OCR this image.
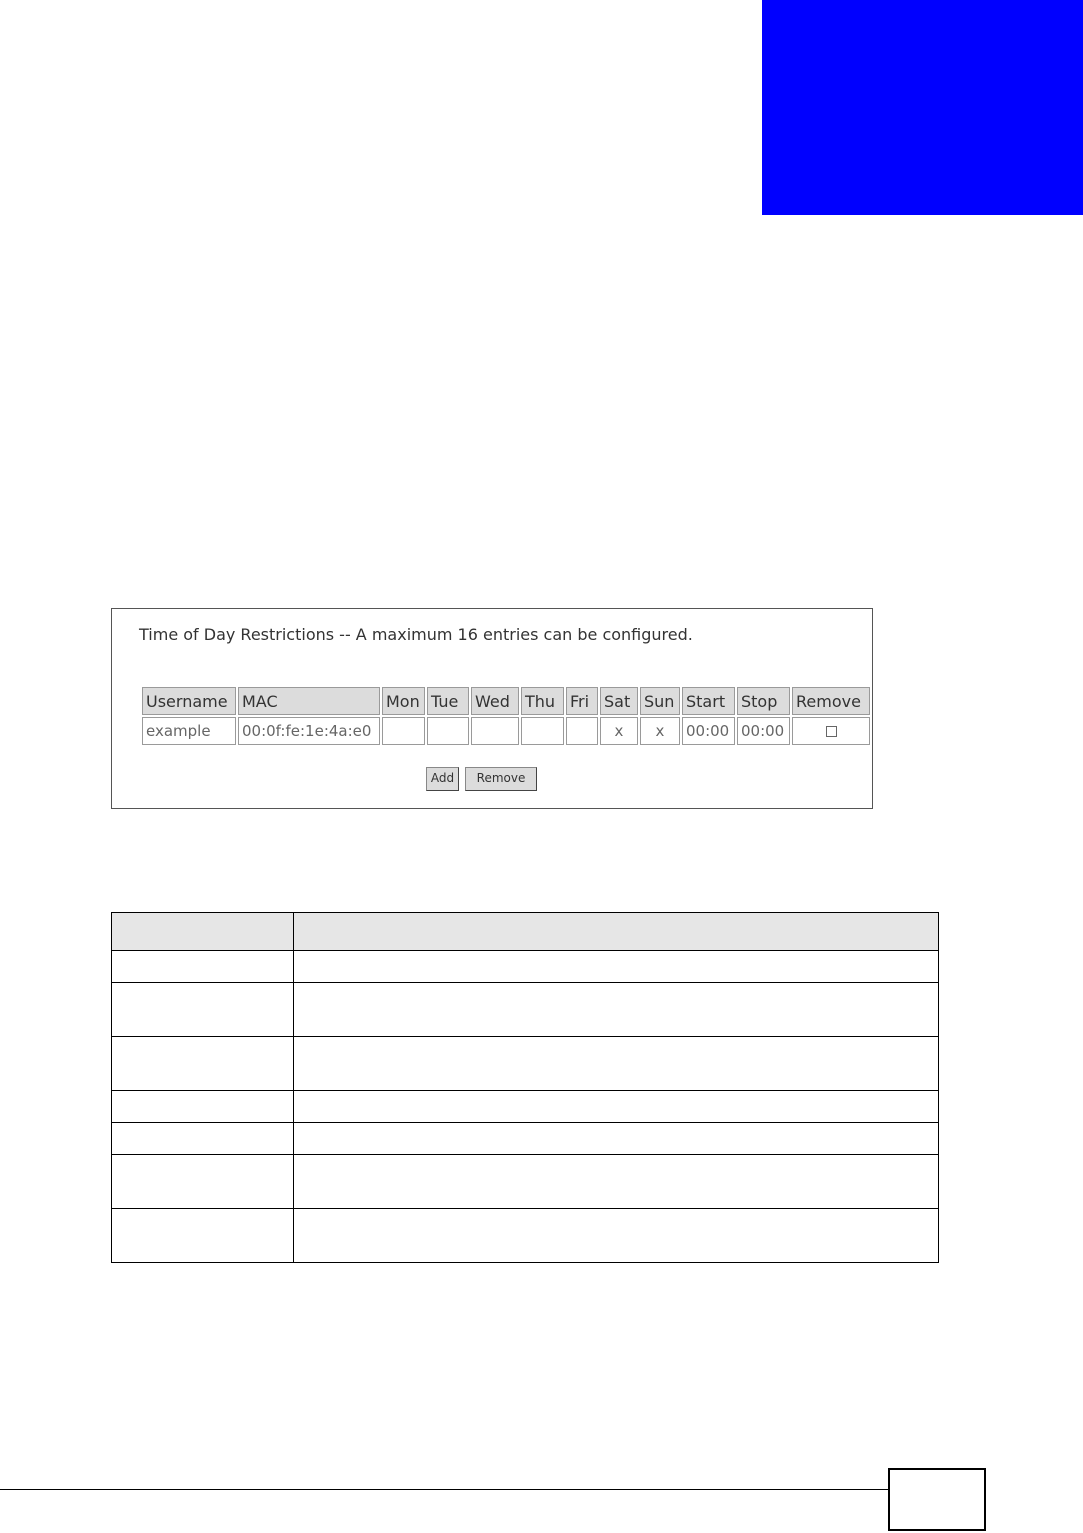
Time of Day Restrictions -- A maximum 16 entries can be configured.
Username	MAC	Mon	Tue	Wed	Thu	Fri	Sat	Sun	Start	Stop	Remove
example	00:0f:fe:1e:4a:e0						x	x	00:00	00:00	
Add	Remove
